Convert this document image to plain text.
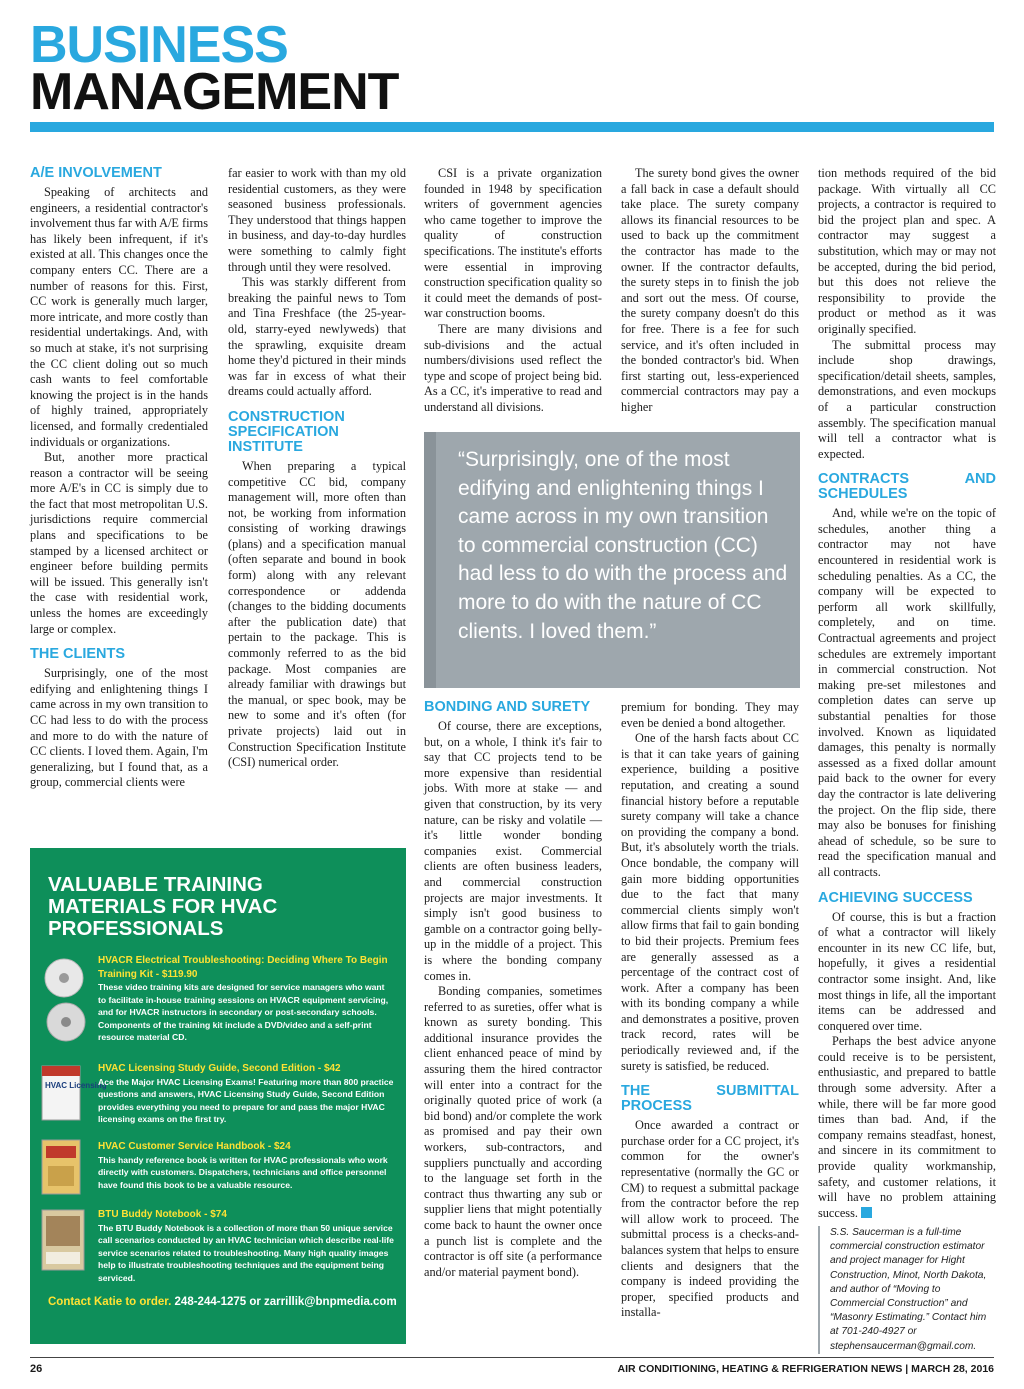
BUSINESS
MANAGEMENT
A/E INVOLVEMENT

Speaking of architects and engineers, a residential contractor's involvement thus far with A/E firms has likely been infrequent, if it's existed at all. This changes once the company enters CC. There are a number of reasons for this. First, CC work is generally much larger, more intricate, and more costly than residential undertakings. And, with so much at stake, it's not surprising the CC client doling out so much cash wants to feel comfortable knowing the project is in the hands of highly trained, appropriately licensed, and formally credentialed individuals or organizations.

But, another more practical reason a contractor will be seeing more A/E's in CC is simply due to the fact that most metropolitan U.S. jurisdictions require commercial plans and specifications to be stamped by a licensed architect or engineer before building permits will be issued. This generally isn't the case with residential work, unless the homes are exceedingly large or complex.

THE CLIENTS

Surprisingly, one of the most edifying and enlightening things I came across in my own transition to CC had less to do with the process and more to do with the nature of CC clients. I loved them. Again, I'm generalizing, but I found that, as a group, commercial clients were

far easier to work with than my old residential customers, as they were seasoned business professionals. They understood that things happen in business, and day-to-day hurdles were something to calmly fight through until they were resolved.

This was starkly different from breaking the painful news to Tom and Tina Freshface (the 25-year-old, starry-eyed newlyweds) that the sprawling, exquisite dream home they'd pictured in their minds was far in excess of what their dreams could actually afford.

CONSTRUCTION SPECIFICATION INSTITUTE

When preparing a typical competitive CC bid, company management will, more often than not, be working from information consisting of working drawings (plans) and a specification manual (often separate and bound in book form) along with any relevant correspondence or addenda (changes to the bidding documents after the publication date) that pertain to the package. This is commonly referred to as the bid package. Most companies are already familiar with drawings but the manual, or spec book, may be new to some and it's often (for private projects) laid out in Construction Specification Institute (CSI) numerical order.

CSI is a private organization founded in 1948 by specification writers of government agencies who came together to improve the quality of construction specifications. The institute's efforts were essential in improving construction specification quality so it could meet the demands of post-war construction booms.

There are many divisions and sub-divisions and the actual numbers/divisions used reflect the type and scope of project being bid. As a CC, it's imperative to read and understand all divisions.

The surety bond gives the owner a fall back in case a default should take place. The surety company allows its financial resources to be used to back up the commitment the contractor has made to the owner. If the contractor defaults, the surety steps in to finish the job and sort out the mess. Of course, the surety company doesn't do this for free. There is a fee for such service, and it's often included in the bonded contractor's bid. When first starting out, less-experienced commercial contractors may pay a higher

“Surprisingly, one of the most edifying and enlightening things I came across in my own transition to commercial construction (CC) had less to do with the process and more to do with the nature of CC clients. I loved them.”
BONDING AND SURETY

Of course, there are exceptions, but, on a whole, I think it's fair to say that CC projects tend to be more expensive than residential jobs. With more at stake — and given that construction, by its very nature, can be risky and volatile — it's little wonder bonding companies exist. Commercial clients are often business leaders, and commercial construction projects are major investments. It simply isn't good business to gamble on a contractor going belly-up in the middle of a project. This is where the bonding company comes in.

Bonding companies, sometimes referred to as sureties, offer what is known as surety bonding. This additional insurance provides the client enhanced peace of mind by assuring them the hired contractor will enter into a contract for the originally quoted price of work (a bid bond) and/or complete the work as promised and pay their own workers, sub-contractors, and suppliers punctually and according to the language set forth in the contract thus thwarting any sub or supplier liens that might potentially come back to haunt the owner once a punch list is complete and the contractor is off site (a performance and/or material payment bond).

premium for bonding. They may even be denied a bond altogether.

One of the harsh facts about CC is that it can take years of gaining experience, building a positive reputation, and creating a sound financial history before a reputable surety company will take a chance on providing the company a bond. But, it's absolutely worth the trials. Once bondable, the company will gain more bidding opportunities due to the fact that many commercial clients simply won't allow firms that fail to gain bonding to bid their projects. Premium fees are generally assessed as a percentage of the contract cost of work. After a company has been with its bonding company a while and demonstrates a positive, proven track record, rates will be periodically reviewed and, if the surety is satisfied, be reduced.

THE SUBMITTAL PROCESS

Once awarded a contract or purchase order for a CC project, it's common for the owner's representative (normally the GC or CM) to request a submittal package from the contractor before the rep will allow work to proceed. The submittal process is a checks-and-balances system that helps to ensure clients and designers that the company is indeed providing the proper, specified products and installa-

tion methods required of the bid package. With virtually all CC projects, a contractor is required to bid the project plan and spec. A contractor may suggest a substitution, which may or may not be accepted, during the bid period, but this does not relieve the responsibility to provide the product or method as it was originally specified.

The submittal process may include shop drawings, specification/detail sheets, samples, demonstrations, and even mockups of a particular construction assembly. The specification manual will tell a contractor what is expected.

CONTRACTS AND SCHEDULES

And, while we're on the topic of schedules, another thing a contractor may not have encountered in residential work is scheduling penalties. As a CC, the company will be expected to perform all work skillfully, completely, and on time. Contractual agreements and project schedules are extremely important in commercial construction. Not making pre-set milestones and completion dates can serve up substantial penalties for those involved. Known as liquidated damages, this penalty is normally assessed as a fixed dollar amount paid back to the owner for every day the contractor is late delivering the project. On the flip side, there may also be bonuses for finishing ahead of schedule, so be sure to read the specification manual and all contracts.

ACHIEVING SUCCESS

Of course, this is but a fraction of what a contractor will likely encounter in its new CC life, but, hopefully, it gives a residential contractor some insight. And, like most things in life, all the important items can be addressed and conquered over time.

Perhaps the best advice anyone could receive is to be persistent, enthusiastic, and prepared to battle through some adversity. After a while, there will be far more good times than bad. And, if the company remains steadfast, honest, and sincere in its commitment to provide quality workmanship, safety, and customer relations, it will have no problem attaining success.N

S.S. Saucerman is a full-time commercial construction estimator and project manager for Hight Construction, Minot, North Dakota, and author of “Moving to Commercial Construction” and “Masonry Estimating.” Contact him at 701-240-4927 or stephensaucerman@gmail.com.
VALUABLE TRAINING MATERIALS FOR HVAC PROFESSIONALS
HVACR Electrical Troubleshooting: Deciding Where To Begin Training Kit - $119.90
These video training kits are designed for service managers who want to facilitate in-house training sessions on HVACR equipment servicing, and for HVACR instructors in secondary or post-secondary schools. Components of the training kit include a DVD/video and a self-print resource material CD.
HVAC Licensing
HVAC Licensing Study Guide, Second Edition - $42
Ace the Major HVAC Licensing Exams! Featuring more than 800 practice questions and answers, HVAC Licensing Study Guide, Second Edition provides everything you need to prepare for and pass the major HVAC licensing exams on the first try.
HVAC Customer Service Handbook - $24
This handy reference book is written for HVAC professionals who work directly with customers. Dispatchers, technicians and office personnel have found this book to be a valuable resource.
BTU Buddy Notebook - $74
The BTU Buddy Notebook is a collection of more than 50 unique service call scenarios conducted by an HVAC technician which describe real-life service scenarios related to troubleshooting. Many high quality images help to illustrate troubleshooting techniques and the equipment being serviced.
Contact Katie to order. 248-244-1275 or zarrillik@bnpmedia.com
26	AIR CONDITIONING, HEATING & REFRIGERATION NEWS | MARCH 28, 2016
